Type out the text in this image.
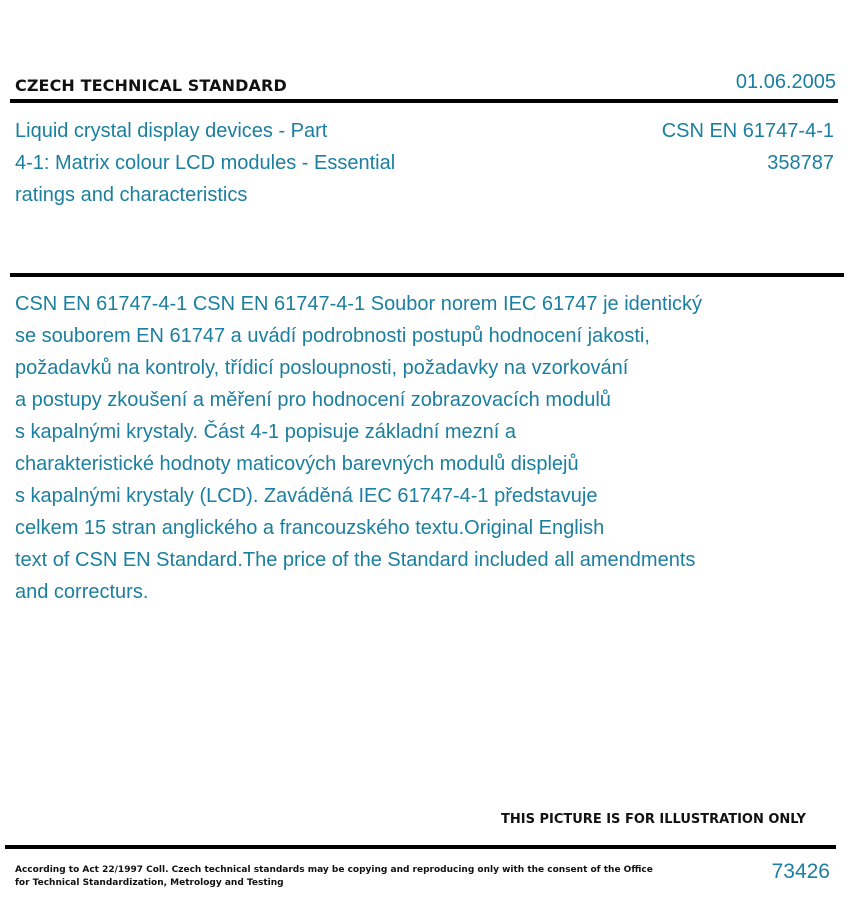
CZECH TECHNICAL STANDARD	01.06.2005
Liquid crystal display devices - Part
4-1: Matrix colour LCD modules - Essential
ratings and characteristics
CSN EN 61747-4-1
358787
CSN EN 61747-4-1 CSN EN 61747-4-1 Soubor norem IEC 61747 je identický
se souborem EN 61747 a uvádí podrobnosti postupů hodnocení jakosti,
požadavků na kontroly, třídicí posloupnosti, požadavky na vzorkování
a postupy zkoušení a měření pro hodnocení zobrazovacích modulů
s kapalnými krystaly. Část 4-1 popisuje základní mezní a
charakteristické hodnoty maticových barevných modulů displejů
s kapalnými krystaly (LCD). Zaváděná IEC 61747-4-1 představuje
celkem 15 stran anglického a francouzského textu.Original English
text of CSN EN Standard.The price of the Standard included all amendments
and correcturs.
THIS PICTURE IS FOR ILLUSTRATION ONLY
According to Act 22/1997 Coll. Czech technical standards may be copying and reproducing only with the consent of the Office
for Technical Standardization, Metrology and Testing	73426
